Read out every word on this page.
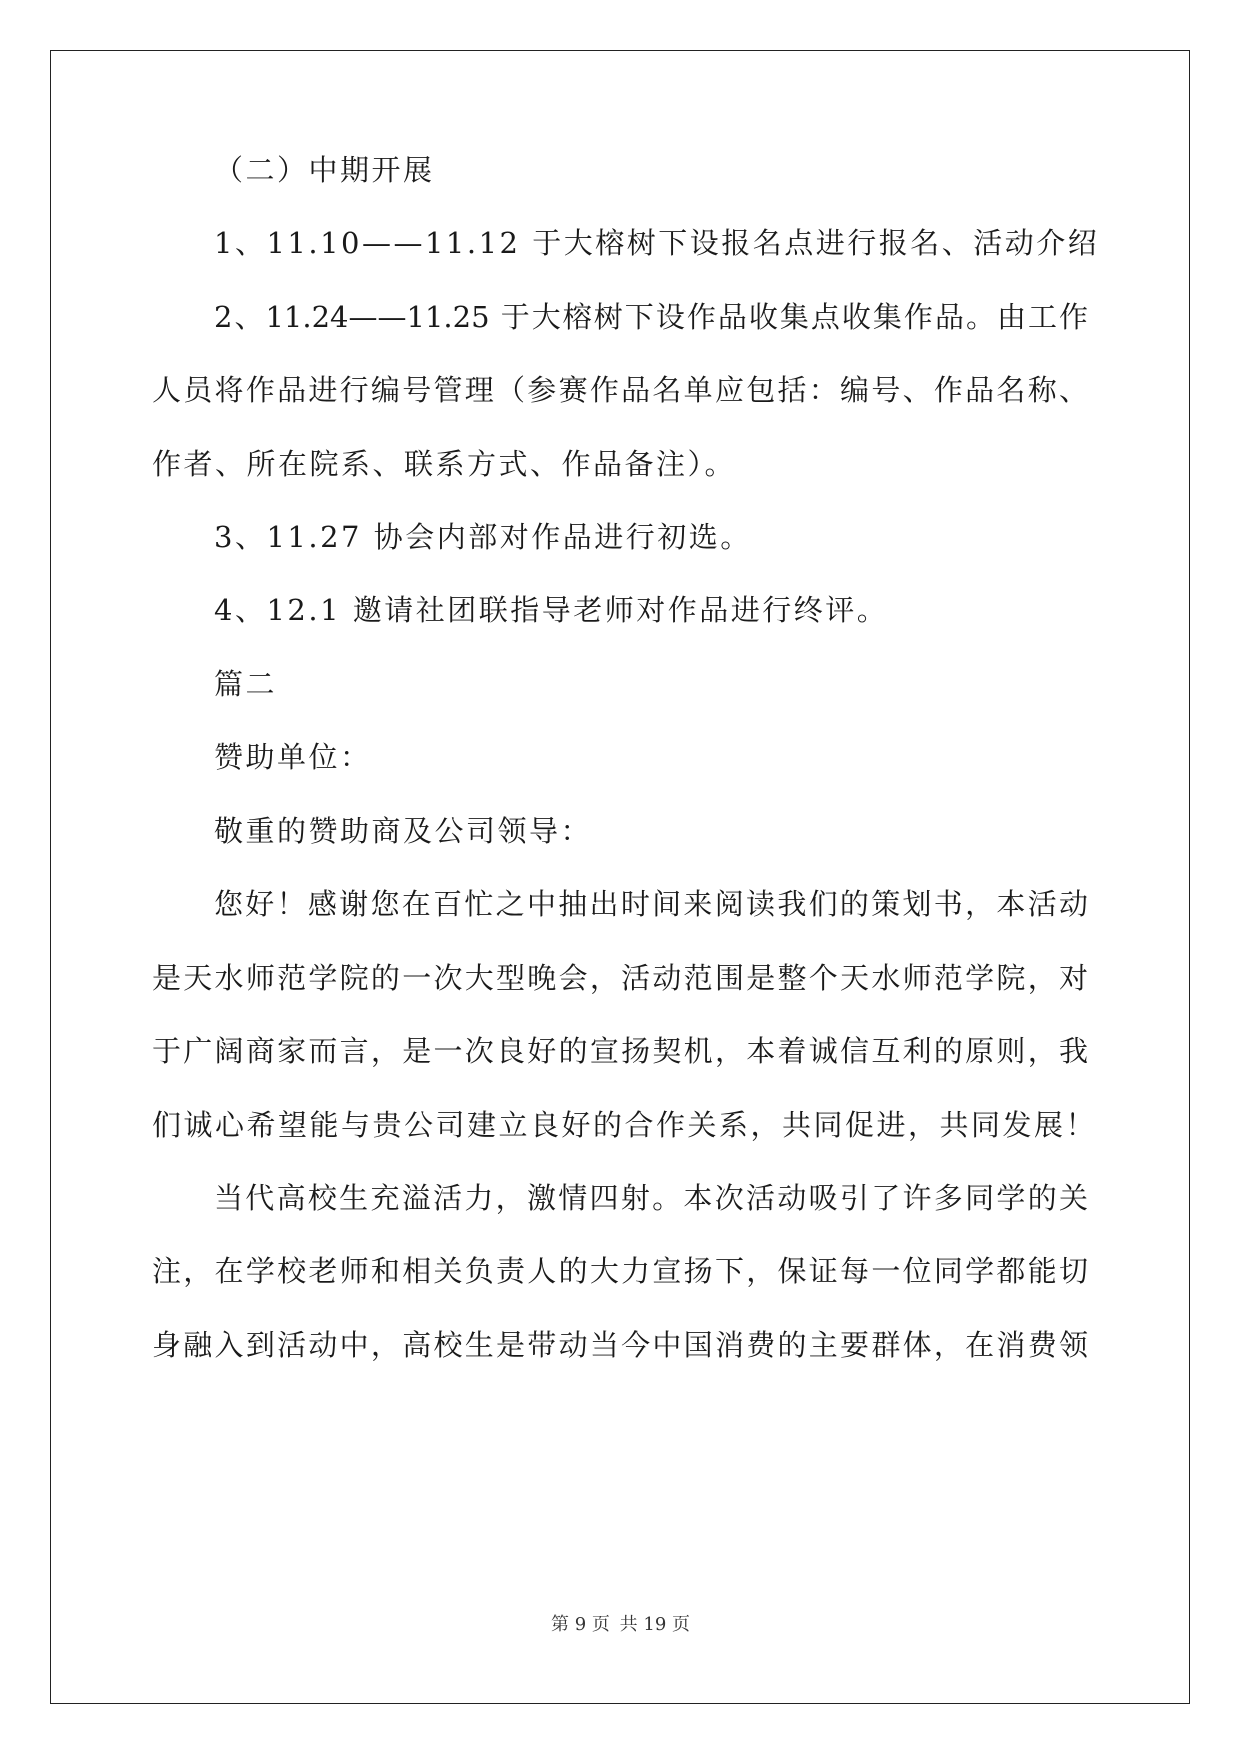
（二）中期开展
1、11.10——11.12 于大榕树下设报名点进行报名、活动介绍
2、11.24——11.25 于大榕树下设作品收集点收集作品。由工作
人员将作品进行编号管理（参赛作品名单应包括：编号、作品名称、
作者、所在院系、联系方式、作品备注）。
3、11.27 协会内部对作品进行初选。
4、12.1 邀请社团联指导老师对作品进行终评。
篇二
赞助单位：
敬重的赞助商及公司领导：
您好！感谢您在百忙之中抽出时间来阅读我们的策划书，本活动
是天水师范学院的一次大型晚会，活动范围是整个天水师范学院，对
于广阔商家而言，是一次良好的宣扬契机，本着诚信互利的原则，我
们诚心希望能与贵公司建立良好的合作关系，共同促进，共同发展！
当代高校生充溢活力，激情四射。本次活动吸引了许多同学的关
注，在学校老师和相关负责人的大力宣扬下，保证每一位同学都能切
身融入到活动中，高校生是带动当今中国消费的主要群体，在消费领
第 9 页 共 19 页
